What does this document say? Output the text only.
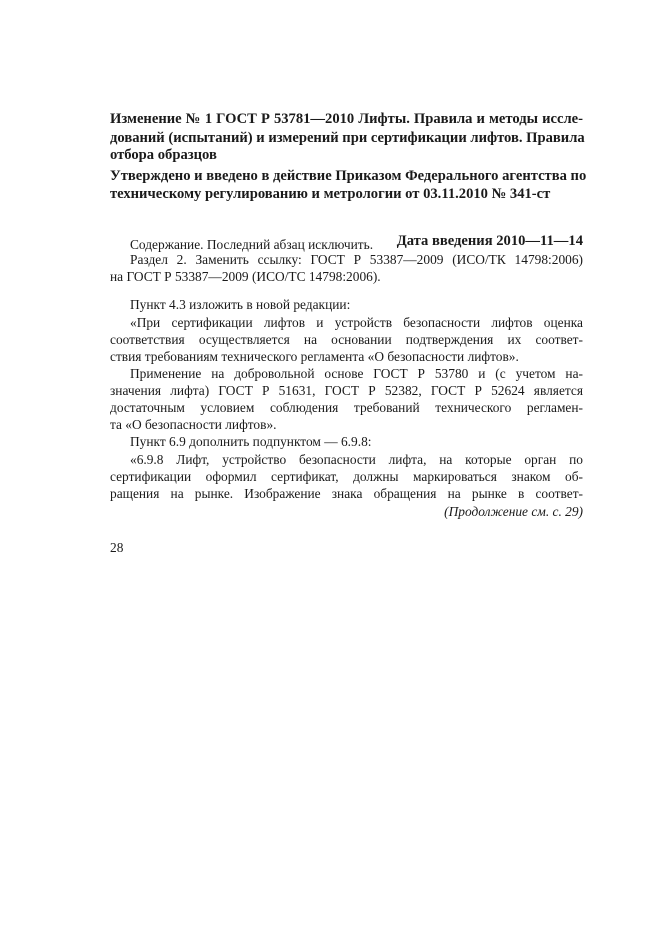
Изменение № 1 ГОСТ Р 53781—2010 Лифты. Правила и методы иссле-
дований (испытаний) и измерений при сертификации лифтов. Правила
отбора образцов
Утверждено и введено в действие Приказом Федерального агентства по
техническому регулированию и метрологии от 03.11.2010 № 341-ст
Дата введения 2010—11—14
Содержание. Последний абзац исключить.
Раздел 2. Заменить ссылку: ГОСТ Р 53387—2009 (ИСО/ТК 14798:2006)
на ГОСТ Р 53387—2009 (ИСО/ТС 14798:2006).
Пункт 4.3 изложить в новой редакции:
«При сертификации лифтов и устройств безопасности лифтов оценка
соответствия осуществляется на основании подтверждения их соответ-
ствия требованиям технического регламента «О безопасности лифтов».
Применение на добровольной основе ГОСТ Р 53780 и (с учетом на-
значения лифта) ГОСТ Р 51631, ГОСТ Р 52382, ГОСТ Р 52624 является
достаточным условием соблюдения требований технического регламен-
та «О безопасности лифтов».
Пункт 6.9 дополнить подпунктом — 6.9.8:
«6.9.8 Лифт, устройство безопасности лифта, на которые орган по
сертификации оформил сертификат, должны маркироваться знаком об-
ращения на рынке. Изображение знака обращения на рынке в соответ-
(Продолжение см. с. 29)
28
